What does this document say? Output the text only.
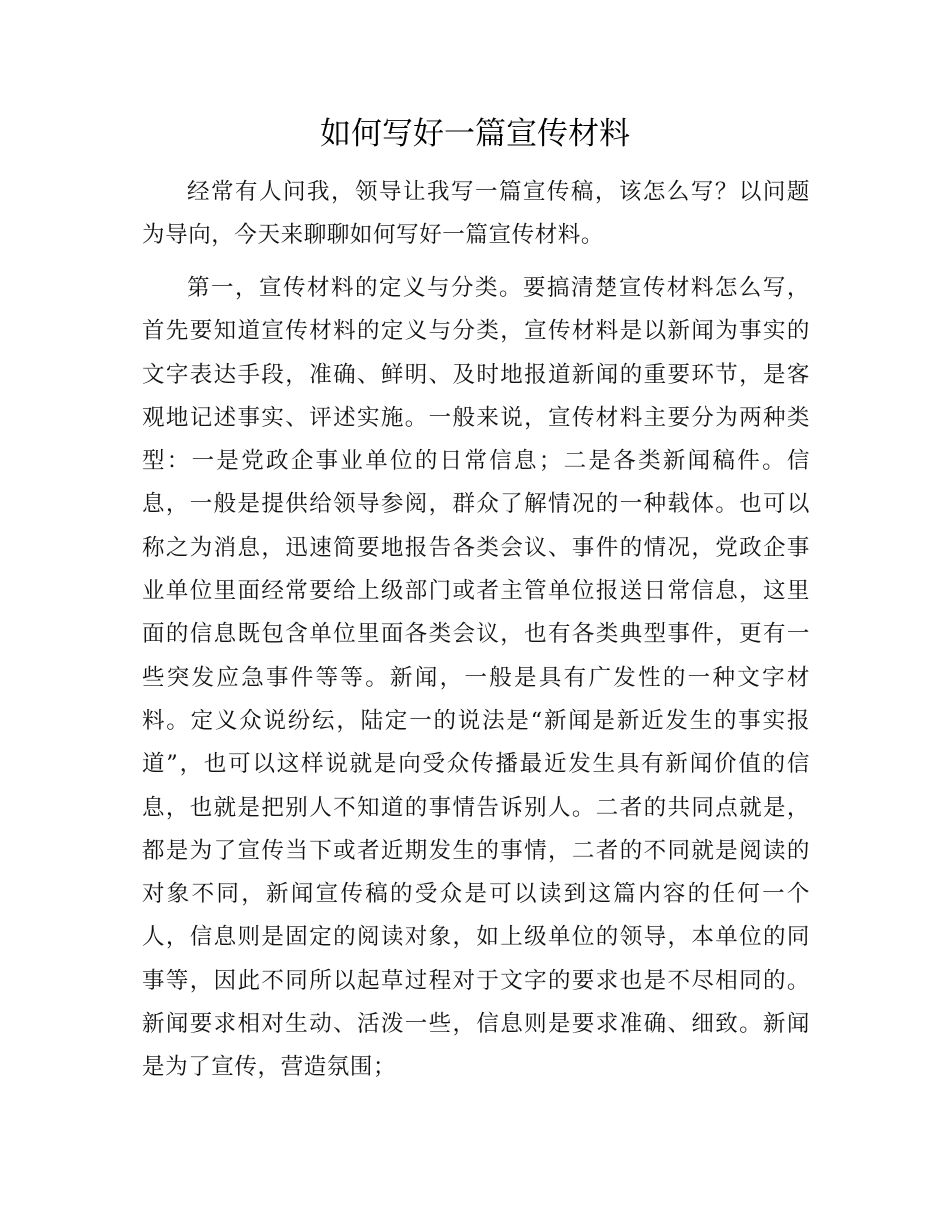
如何写好一篇宣传材料

经常有人问我，领导让我写一篇宣传稿，该怎么写？以问题为导向，今天来聊聊如何写好一篇宣传材料。

第一，宣传材料的定义与分类。要搞清楚宣传材料怎么写，首先要知道宣传材料的定义与分类，宣传材料是以新闻为事实的文字表达手段，准确、鲜明、及时地报道新闻的重要环节，是客观地记述事实、评述实施。一般来说，宣传材料主要分为两种类型：一是党政企事业单位的日常信息；二是各类新闻稿件。信息，一般是提供给领导参阅，群众了解情况的一种载体。也可以称之为消息，迅速简要地报告各类会议、事件的情况，党政企事业单位里面经常要给上级部门或者主管单位报送日常信息，这里面的信息既包含单位里面各类会议，也有各类典型事件，更有一些突发应急事件等等。新闻，一般是具有广发性的一种文字材料。定义众说纷纭，陆定一的说法是“新闻是新近发生的事实报道”，也可以这样说就是向受众传播最近发生具有新闻价值的信息，也就是把别人不知道的事情告诉别人。二者的共同点就是，都是为了宣传当下或者近期发生的事情，二者的不同就是阅读的对象不同，新闻宣传稿的受众是可以读到这篇内容的任何一个人，信息则是固定的阅读对象，如上级单位的领导，本单位的同事等，因此不同所以起草过程对于文字的要求也是不尽相同的。新闻要求相对生动、活泼一些，信息则是要求准确、细致。新闻是为了宣传，营造氛围；
